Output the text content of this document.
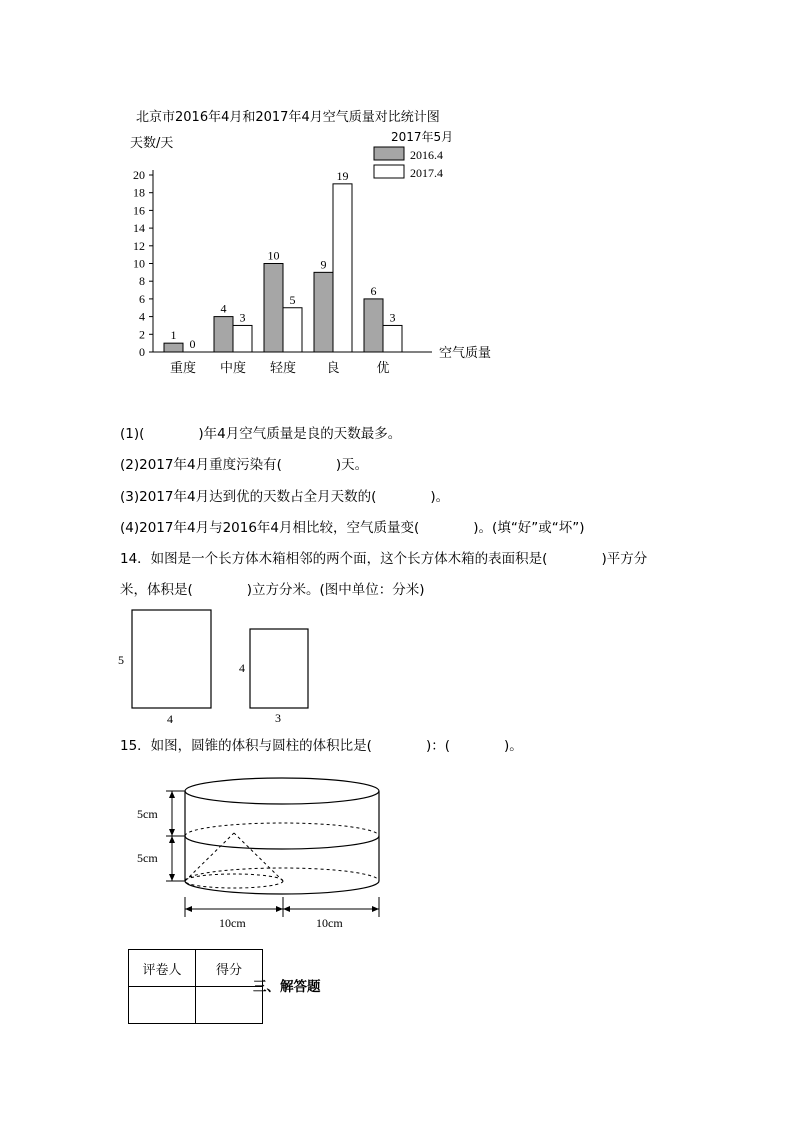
北京市2016年4月和2017年4月空气质量对比统计图
2017年5月
天数/天
空气质量
2016.4
2017.4
0
2
4
6
8
10
12
14
16
18
20
1
0
重度
4
3
中度
10
5
轻度
9
19
良
6
3
优
(1)(　　　　)年4月空气质量是良的天数最多。
(2)2017年4月重度污染有(　　　　)天。
(3)2017年4月达到优的天数占全月天数的(　　　　)。
(4)2017年4月与2016年4月相比较，空气质量变(　　　　)。(填“好”或“坏”)
14．如图是一个长方体木箱相邻的两个面，这个长方体木箱的表面积是(　　　　)平方分
米，体积是(　　　　)立方分米。(图中单位：分米)
5
4
4
3
15．如图，圆锥的体积与圆柱的体积比是(　　　　)：(　　　　)。
5cm
5cm
10cm	10cm
评卷人	得分

三、解答题
